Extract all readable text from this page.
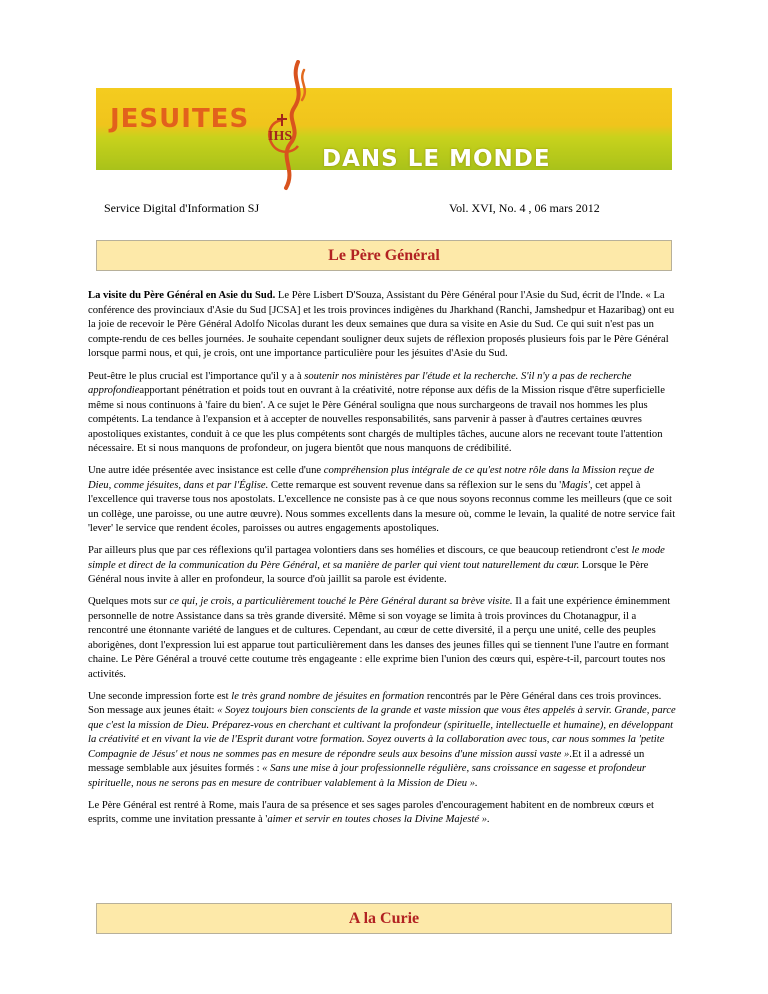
IHS
JESUITES
DANS LE MONDE
Service Digital d'Information SJ	Vol. XVI, No. 4 , 06 mars 2012
Le Père Général

La visite du Père Général en Asie du Sud. Le Père Lisbert D'Souza, Assistant du Père Général pour l'Asie du Sud, écrit de l'Inde. « La conférence des provinciaux d'Asie du Sud [JCSA] et les trois provinces indigènes du Jharkhand (Ranchi, Jamshedpur et Hazaribag) ont eu la joie de recevoir le Père Général Adolfo Nicolas durant les deux semaines que dura sa visite en Asie du Sud. Ce qui suit n'est pas un compte-rendu de ces belles journées. Je souhaite cependant souligner deux sujets de réflexion proposés plusieurs fois par le Père Général lorsque parmi nous, et qui, je crois, ont une importance particulière pour les jésuites d'Asie du Sud.

Peut-être le plus crucial est l'importance qu'il y a à soutenir nos ministères par l'étude et la recherche. S'il n'y a pas de recherche approfondieapportant pénétration et poids tout en ouvrant à la créativité, notre réponse aux défis de la Mission risque d'être superficielle même si nous continuons à 'faire du bien'. A ce sujet le Père Général souligna que nous surchargeons de travail nos hommes les plus compétents. La tendance à l'expansion et à accepter de nouvelles responsabilités, sans parvenir à passer à d'autres certaines œuvres apostoliques existantes, conduit à ce que les plus compétents sont chargés de multiples tâches, aucune alors ne recevant toute l'attention nécessaire. Et si nous manquons de profondeur, on jugera bientôt que nous manquons de crédibilité.

Une autre idée présentée avec insistance est celle d'une compréhension plus intégrale de ce qu'est notre rôle dans la Mission reçue de Dieu, comme jésuites, dans et par l'Église. Cette remarque est souvent revenue dans sa réflexion sur le sens du 'Magis', cet appel à l'excellence qui traverse tous nos apostolats. L'excellence ne consiste pas à ce que nous soyons reconnus comme les meilleurs (que ce soit un collège, une paroisse, ou une autre œuvre). Nous sommes excellents dans la mesure où, comme le levain, la qualité de notre service fait 'lever' le service que rendent écoles, paroisses ou autres engagements apostoliques.

Par ailleurs plus que par ces réflexions qu'il partagea volontiers dans ses homélies et discours, ce que beaucoup retiendront c'est le mode simple et direct de la communication du Père Général, et sa manière de parler qui vient tout naturellement du cœur. Lorsque le Père Général nous invite à aller en profondeur, la source d'où jaillit sa parole est évidente.

Quelques mots sur ce qui, je crois, a particulièrement touché le Père Général durant sa brève visite. Il a fait une expérience éminemment personnelle de notre Assistance dans sa très grande diversité. Même si son voyage se limita à trois provinces du Chotanagpur, il a rencontré une étonnante variété de langues et de cultures. Cependant, au cœur de cette diversité, il a perçu une unité, celle des peuples aborigènes, dont l'expression lui est apparue tout particulièrement dans les danses des jeunes filles qui se tiennent l'une l'autre en formant chaine. Le Père Général a trouvé cette coutume très engageante : elle exprime bien l'union des cœurs qui, espère-t-il, parcourt toutes nos activités.

Une seconde impression forte est le très grand nombre de jésuites en formation rencontrés par le Père Général dans ces trois provinces. Son message aux jeunes était: « Soyez toujours bien conscients de la grande et vaste mission que vous êtes appelés à servir. Grande, parce que c'est la mission de Dieu. Préparez-vous en cherchant et cultivant la profondeur (spirituelle, intellectuelle et humaine), en développant la créativité et en vivant la vie de l'Esprit durant votre formation. Soyez ouverts à la collaboration avec tous, car nous sommes la 'petite Compagnie de Jésus' et nous ne sommes pas en mesure de répondre seuls aux besoins d'une mission aussi vaste ».Et il a adressé un message semblable aux jésuites formés : « Sans une mise à jour professionnelle régulière, sans croissance en sagesse et profondeur spirituelle, nous ne serons pas en mesure de contribuer valablement à la Mission de Dieu ».

Le Père Général est rentré à Rome, mais l'aura de sa présence et ses sages paroles d'encouragement habitent en de nombreux cœurs et esprits, comme une invitation pressante à 'aimer et servir en toutes choses la Divine Majesté ».

A la Curie
